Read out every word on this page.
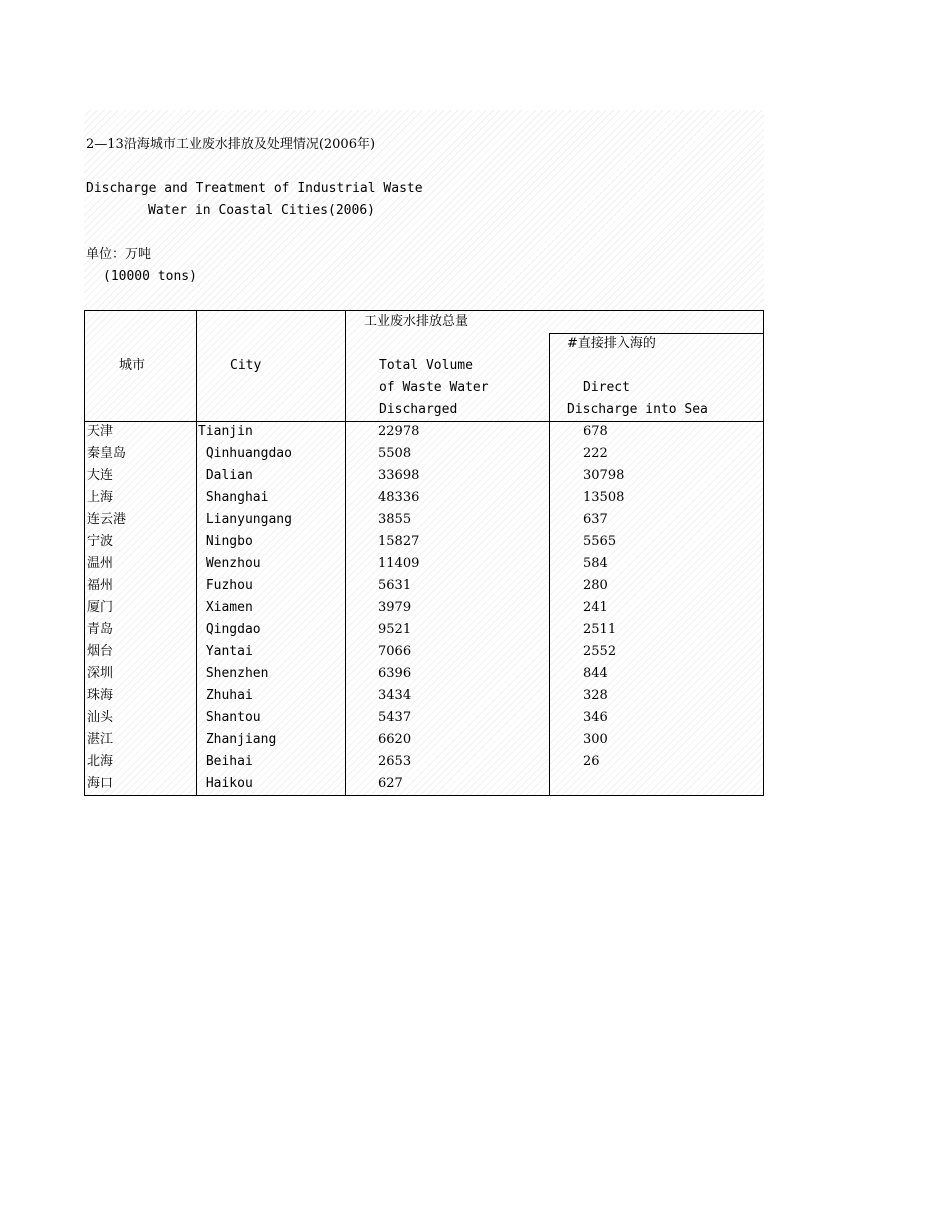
2—13沿海城市工业废水排放及处理情况(2006年)
Discharge and Treatment of Industrial Waste
Water in Coastal Cities(2006)
单位：万吨
(10000 tons)
城市	City
工业废水排放总量
Total Volume
of Waste Water
Discharged
#直接排入海的
Direct
Discharge into Sea
天津	Tianjin	22978	678
秦皇岛	Qinhuangdao	5508	222
大连	Dalian	33698	30798
上海	Shanghai	48336	13508
连云港	Lianyungang	3855	637
宁波	Ningbo	15827	5565
温州	Wenzhou	11409	584
福州	Fuzhou	5631	280
厦门	Xiamen	3979	241
青岛	Qingdao	9521	2511
烟台	Yantai	7066	2552
深圳	Shenzhen	6396	844
珠海	Zhuhai	3434	328
汕头	Shantou	5437	346
湛江	Zhanjiang	6620	300
北海	Beihai	2653	26
海口	Haikou	627
